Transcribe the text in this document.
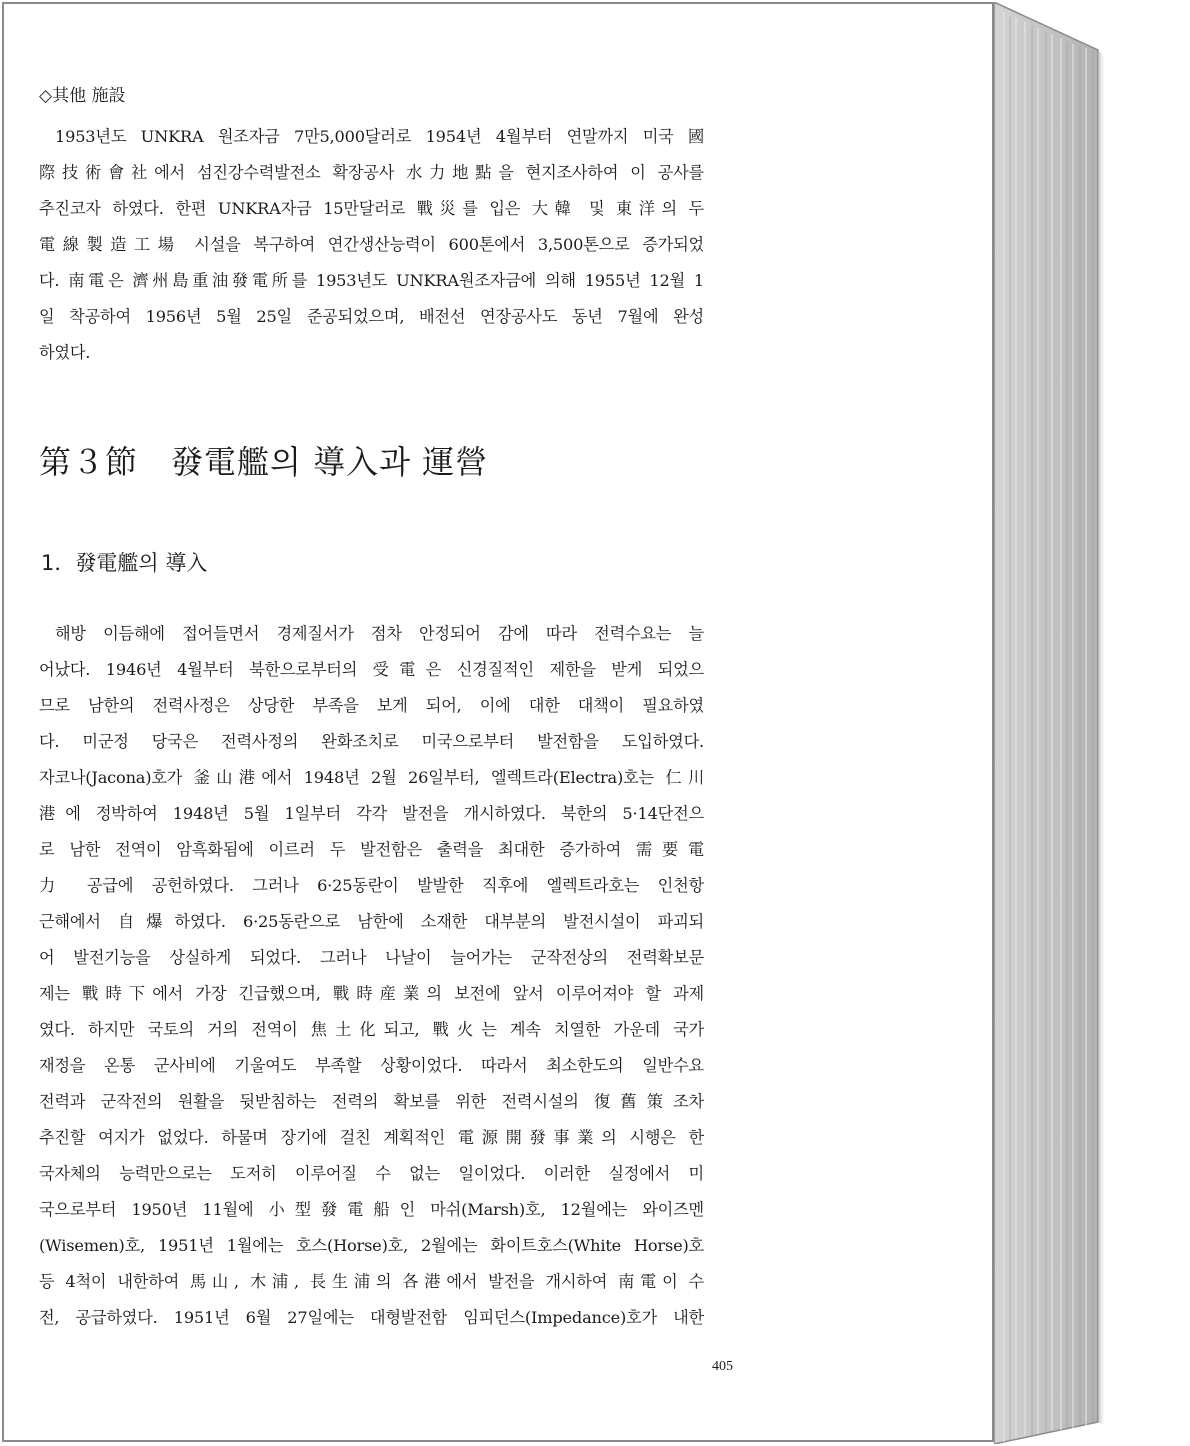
◇其他 施設
1953년도 UNKRA 원조자금 7만5,000달러로 1954년 4월부터 연말까지 미국 國
際技術會社에서 섬진강수력발전소 확장공사 水力地點을 현지조사하여 이 공사를
추진코자 하였다. 한편 UNKRA자금 15만달러로 戰災를 입은 大韓 및 東洋의 두
電線製造工場 시설을 복구하여 연간생산능력이 600톤에서 3,500톤으로 증가되었
다. 南電은 濟州島重油發電所를 1953년도 UNKRA원조자금에 의해 1955년 12월 1
일 착공하여 1956년 5월 25일 준공되었으며, 배전선 연장공사도 동년 7월에 완성
하였다.
第３節　發電艦의 導入과 運營
1．發電艦의 導入
해방 이듬해에 접어들면서 경제질서가 점차 안정되어 감에 따라 전력수요는 늘
어났다. 1946년 4월부터 북한으로부터의 受電은 신경질적인 제한을 받게 되었으
므로 남한의 전력사정은 상당한 부족을 보게 되어, 이에 대한 대책이 필요하였
다. 미군정 당국은 전력사정의 완화조치로 미국으로부터 발전함을 도입하였다.
자코나(Jacona)호가 釜山港에서 1948년 2월 26일부터, 엘렉트라(Electra)호는 仁川
港에 정박하여 1948년 5월 1일부터 각각 발전을 개시하였다. 북한의 5·14단전으
로 남한 전역이 암흑화됨에 이르러 두 발전함은 출력을 최대한 증가하여 需要電
力 공급에 공헌하였다. 그러나 6·25동란이 발발한 직후에 엘렉트라호는 인천항
근해에서 自爆하였다. 6·25동란으로 남한에 소재한 대부분의 발전시설이 파괴되
어 발전기능을 상실하게 되었다. 그러나 나날이 늘어가는 군작전상의 전력확보문
제는 戰時下에서 가장 긴급했으며, 戰時産業의 보전에 앞서 이루어져야 할 과제
였다. 하지만 국토의 거의 전역이 焦土化되고, 戰火는 계속 치열한 가운데 국가
재정을 온통 군사비에 기울여도 부족할 상황이었다. 따라서 최소한도의 일반수요
전력과 군작전의 원활을 뒷받침하는 전력의 확보를 위한 전력시설의 復舊策조차
추진할 여지가 없었다. 하물며 장기에 걸친 계획적인 電源開發事業의 시행은 한
국자체의 능력만으로는 도저히 이루어질 수 없는 일이었다. 이러한 실정에서 미
국으로부터 1950년 11월에 小型發電船인 마쉬(Marsh)호, 12월에는 와이즈멘
(Wisemen)호, 1951년 1월에는 호스(Horse)호, 2월에는 화이트호스(White Horse)호
등 4척이 내한하여 馬山, 木浦, 長生浦의 各港에서 발전을 개시하여 南電이 수
전, 공급하였다. 1951년 6월 27일에는 대형발전함 임피던스(Impedance)호가 내한
405
